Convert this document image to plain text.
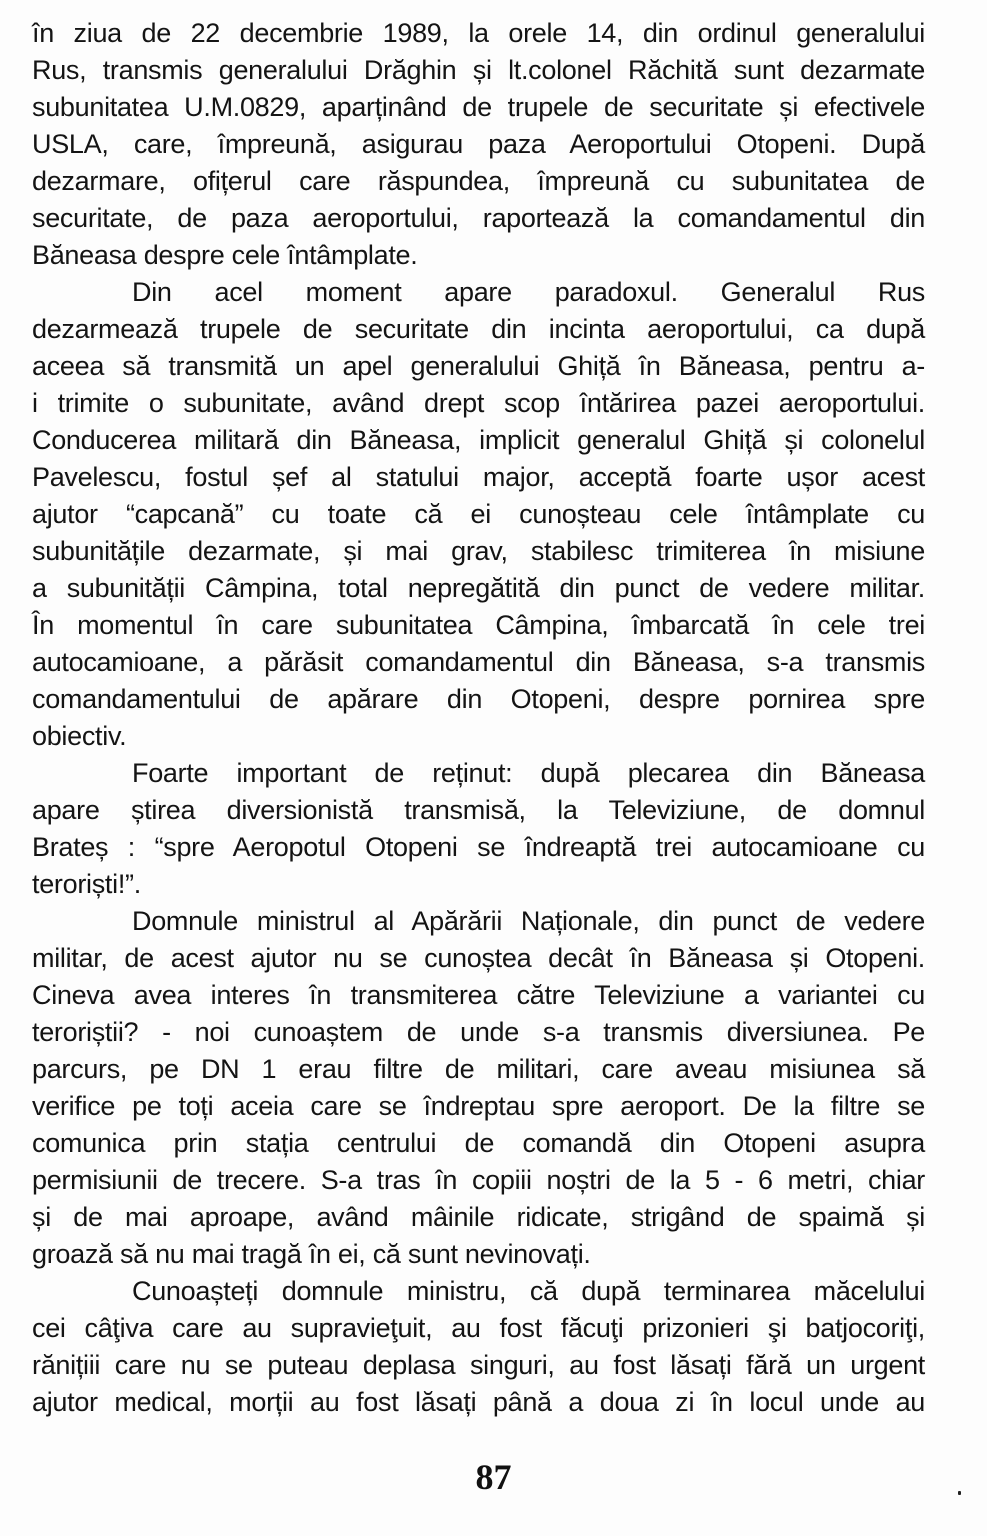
în ziua de 22 decembrie 1989, la orele 14, din ordinul generalului
Rus, transmis generalului Drăghin și lt.colonel Răchită sunt dezarmate
subunitatea U.M.0829, aparținând de trupele de securitate și efectivele
USLA, care, împreună, asigurau paza Aeroportului Otopeni. După
dezarmare, ofițerul care răspundea, împreună cu subunitatea de
securitate, de paza aeroportului, raportează la comandamentul din
Băneasa despre cele întâmplate.
Din acel moment apare paradoxul. Generalul Rus
dezarmează trupele de securitate din incinta aeroportului, ca după
aceea să transmită un apel generalului Ghiță în Băneasa, pentru a-
i trimite o subunitate, având drept scop întărirea pazei aeroportului.
Conducerea militară din Băneasa, implicit generalul Ghiță și colonelul
Pavelescu, fostul șef al statului major, acceptă foarte ușor acest
ajutor “capcană” cu toate că ei cunoșteau cele întâmplate cu
subunitățile dezarmate, și mai grav, stabilesc trimiterea în misiune
a subunității Câmpina, total nepregătită din punct de vedere militar.
În momentul în care subunitatea Câmpina, îmbarcată în cele trei
autocamioane, a părăsit comandamentul din Băneasa, s-a transmis
comandamentului de apărare din Otopeni, despre pornirea spre
obiectiv.
Foarte important de reținut: după plecarea din Băneasa
apare știrea diversionistă transmisă, la Televiziune, de domnul
Brateș : “spre Aeropotul Otopeni se îndreaptă trei autocamioane cu
teroriști!”.
Domnule ministrul al Apărării Naționale, din punct de vedere
militar, de acest ajutor nu se cunoștea decât în Băneasa și Otopeni.
Cineva avea interes în transmiterea către Televiziune a variantei cu
teroriștii? - noi cunoaștem de unde s-a transmis diversiunea. Pe
parcurs, pe DN 1 erau filtre de militari, care aveau misiunea să
verifice pe toți aceia care se îndreptau spre aeroport. De la filtre se
comunica prin stația centrului de comandă din Otopeni asupra
permisiunii de trecere. S-a tras în copiii noștri de la 5 - 6 metri, chiar
și de mai aproape, având mâinile ridicate, strigând de spaimă și
groază să nu mai tragă în ei, că sunt nevinovați.
Cunoașteți domnule ministru, că după terminarea măcelului
cei câţiva care au supravieţuit, au fost făcuţi prizonieri şi batjocoriţi,
rănițiii care nu se puteau deplasa singuri, au fost lăsați fără un urgent
ajutor medical, morții au fost lăsați până a doua zi în locul unde au
87
